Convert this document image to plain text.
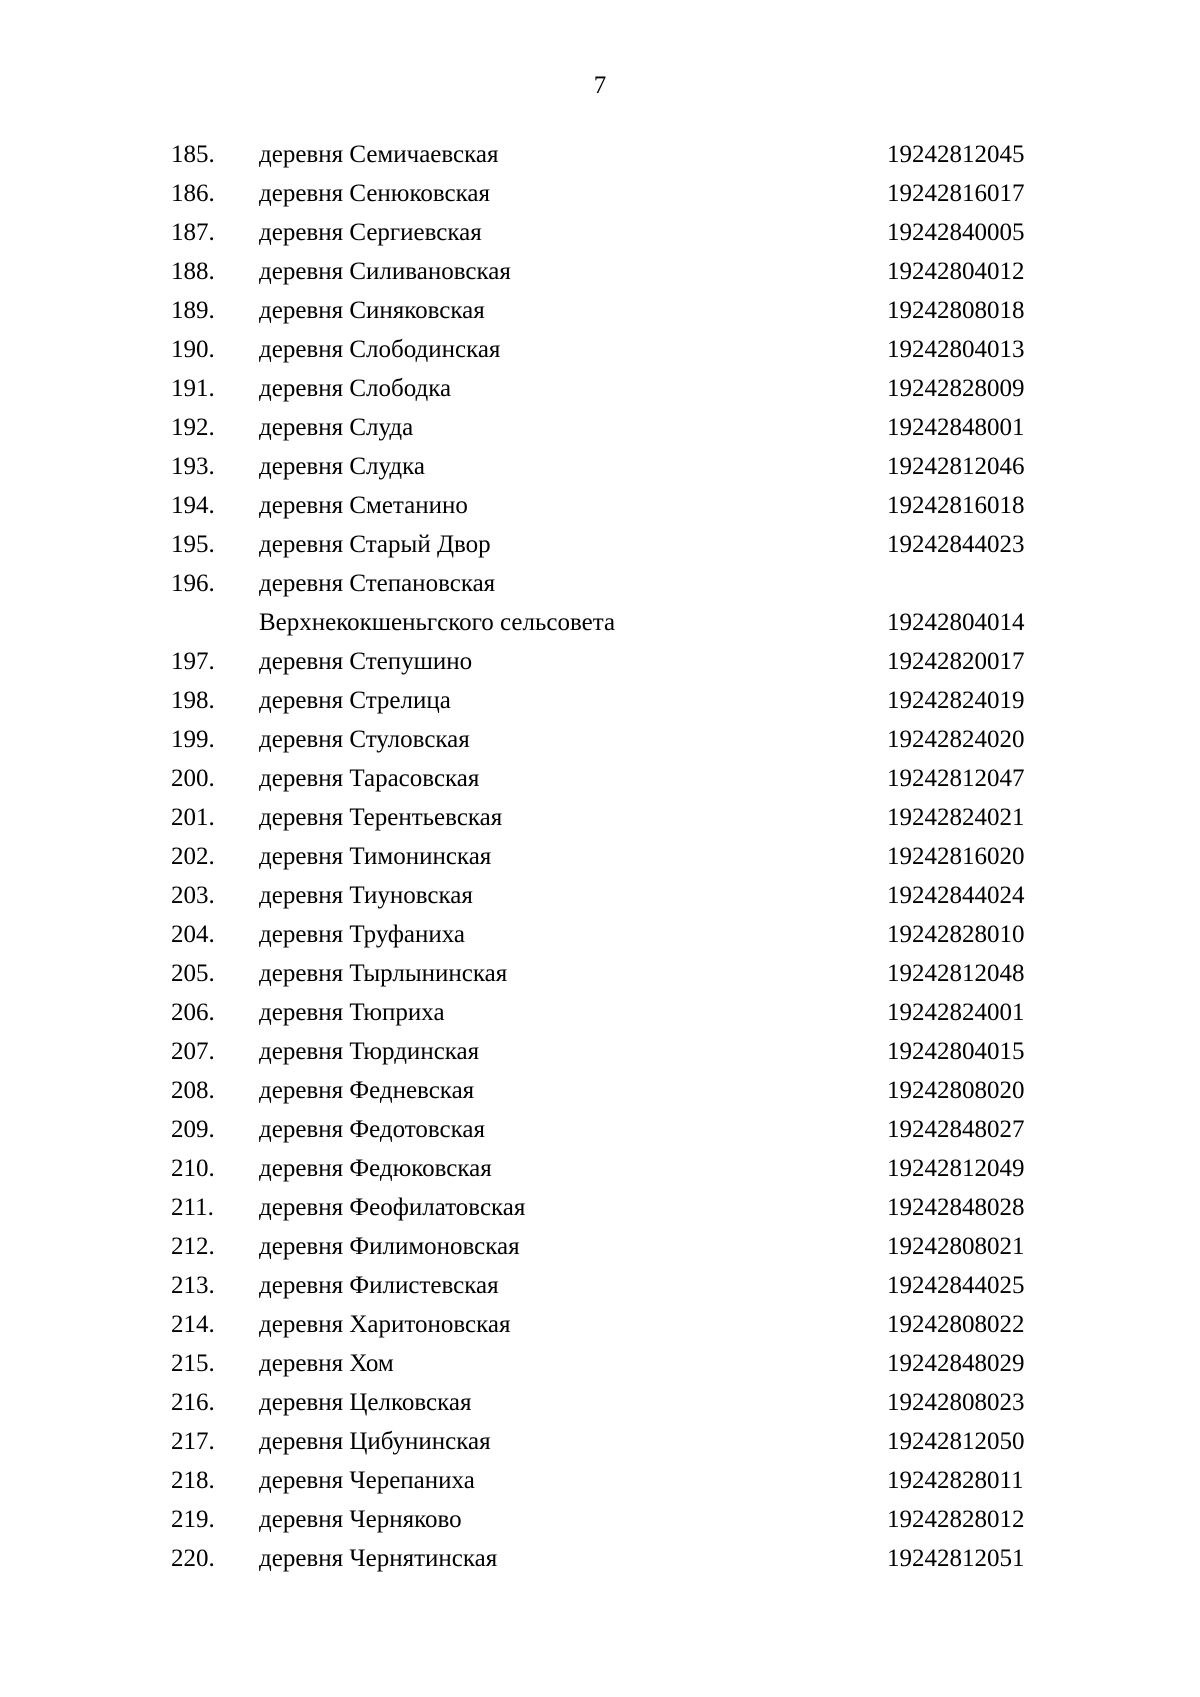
7
185. деревня Семичаевская	19242812045
186. деревня Сенюковская	19242816017
187. деревня Сергиевская	19242840005
188. деревня Силивановская	19242804012
189. деревня Синяковская	19242808018
190. деревня Слободинская	19242804013
191. деревня Слободка	19242828009
192. деревня Слуда	19242848001
193. деревня Слудка	19242812046
194. деревня Сметанино	19242816018
195. деревня Старый Двор	19242844023
196. деревня Степановская
Верхнекокшеньгского сельсовета	19242804014
197. деревня Степушино	19242820017
198. деревня Стрелица	19242824019
199. деревня Стуловская	19242824020
200. деревня Тарасовская	19242812047
201. деревня Терентьевская	19242824021
202. деревня Тимонинская	19242816020
203. деревня Тиуновская	19242844024
204. деревня Труфаниха	19242828010
205. деревня Тырлынинская	19242812048
206. деревня Тюприха	19242824001
207. деревня Тюрдинская	19242804015
208. деревня Федневская	19242808020
209. деревня Федотовская	19242848027
210. деревня Федюковская	19242812049
211. деревня Феофилатовская	19242848028
212. деревня Филимоновская	19242808021
213. деревня Филистевская	19242844025
214. деревня Харитоновская	19242808022
215. деревня Хом	19242848029
216. деревня Целковская	19242808023
217. деревня Цибунинская	19242812050
218. деревня Черепаниха	19242828011
219. деревня Черняково	19242828012
220. деревня Чернятинская	19242812051
